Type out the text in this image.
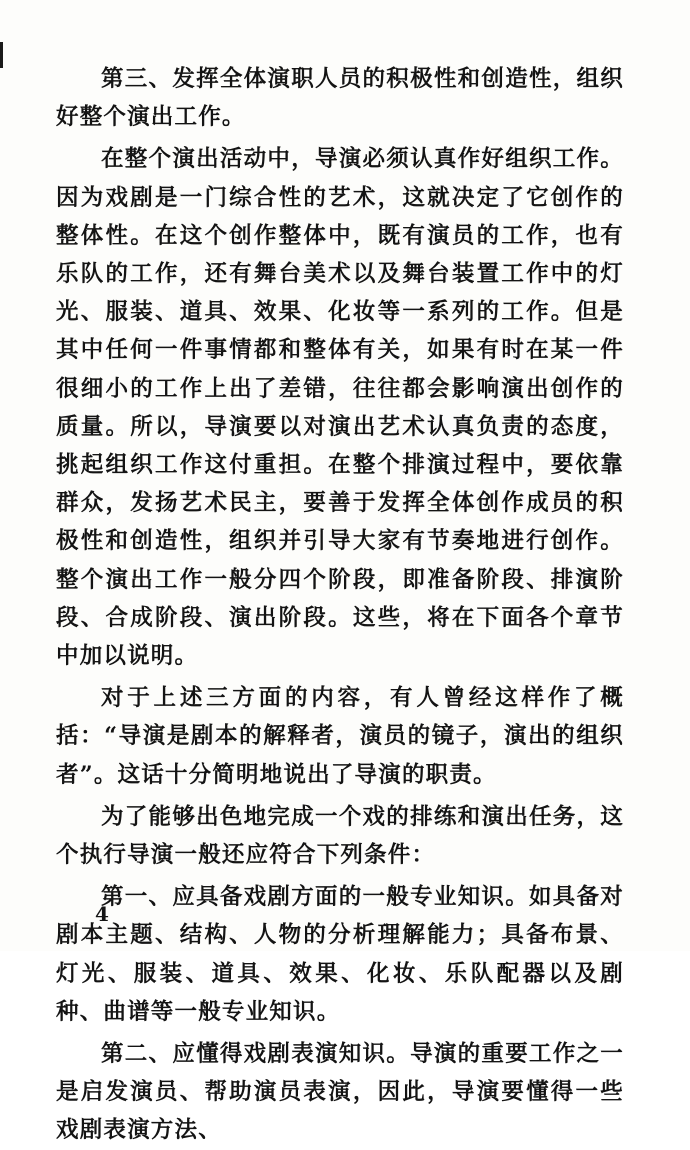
第三、发挥全体演职人员的积极性和创造性，组织好整个演出工作。

在整个演出活动中，导演必须认真作好组织工作。因为戏剧是一门综合性的艺术，这就决定了它创作的整体性。在这个创作整体中，既有演员的工作，也有乐队的工作，还有舞台美术以及舞台装置工作中的灯光、服装、道具、效果、化妆等一系列的工作。但是其中任何一件事情都和整体有关，如果有时在某一件很细小的工作上出了差错，往往都会影响演出创作的质量。所以，导演要以对演出艺术认真负责的态度，挑起组织工作这付重担。在整个排演过程中，要依靠群众，发扬艺术民主，要善于发挥全体创作成员的积极性和创造性，组织并引导大家有节奏地进行创作。整个演出工作一般分四个阶段，即准备阶段、排演阶段、合成阶段、演出阶段。这些，将在下面各个章节中加以说明。

对于上述三方面的内容，有人曾经这样作了概括：“导演是剧本的解释者，演员的镜子，演出的组织者”。这话十分简明地说出了导演的职责。

为了能够出色地完成一个戏的排练和演出任务，这个执行导演一般还应符合下列条件：

第一、应具备戏剧方面的一般专业知识。如具备对剧本主题、结构、人物的分析理解能力；具备布景、灯光、服装、道具、效果、化妆、乐队配器以及剧种、曲谱等一般专业知识。

第二、应懂得戏剧表演知识。导演的重要工作之一是启发演员、帮助演员表演，因此，导演要懂得一些戏剧表演方法、

4
